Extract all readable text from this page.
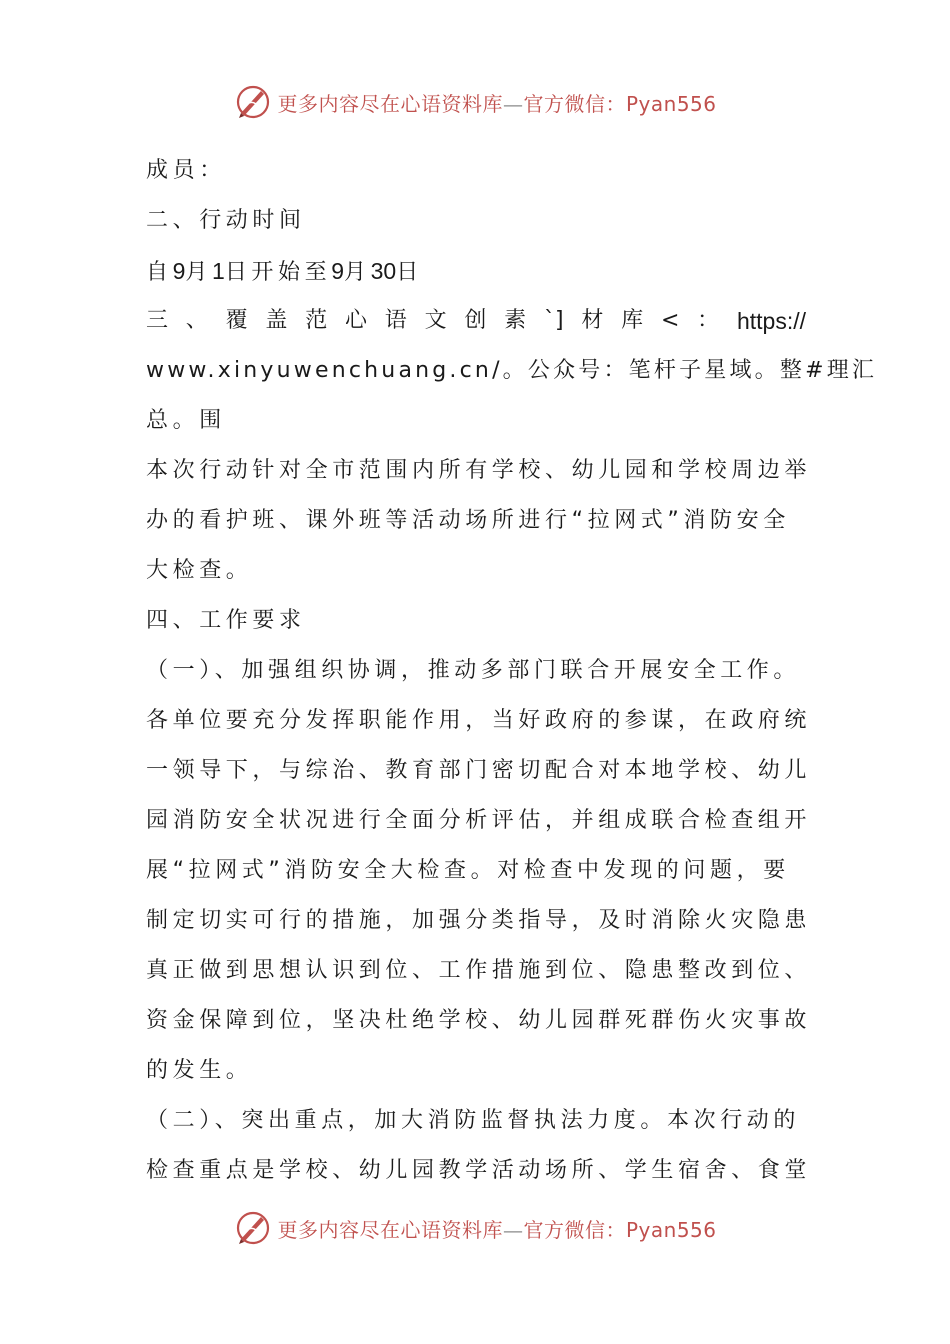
更多内容尽在心语资料库—官方微信：Pyan556
成员：
二、行动时间
自9月1日开始至9月30日
三 、 覆 盖 范 心 语 文 创 素 `] 材 库 < ： https://
www.xinyuwenchuang.cn/。公众号：笔杆子星域。整#理汇
总。围
本次行动针对全市范围内所有学校、幼儿园和学校周边举
办的看护班、课外班等活动场所进行“拉网式”消防安全
大检查。
四、工作要求
（一）、加强组织协调，推动多部门联合开展安全工作。
各单位要充分发挥职能作用，当好政府的参谋，在政府统
一领导下，与综治、教育部门密切配合对本地学校、幼儿
园消防安全状况进行全面分析评估，并组成联合检查组开
展“拉网式”消防安全大检查。对检查中发现的问题，要
制定切实可行的措施，加强分类指导，及时消除火灾隐患
真正做到思想认识到位、工作措施到位、隐患整改到位、
资金保障到位，坚决杜绝学校、幼儿园群死群伤火灾事故
的发生。
（二）、突出重点，加大消防监督执法力度。本次行动的
检查重点是学校、幼儿园教学活动场所、学生宿舍、食堂
更多内容尽在心语资料库—官方微信：Pyan556
